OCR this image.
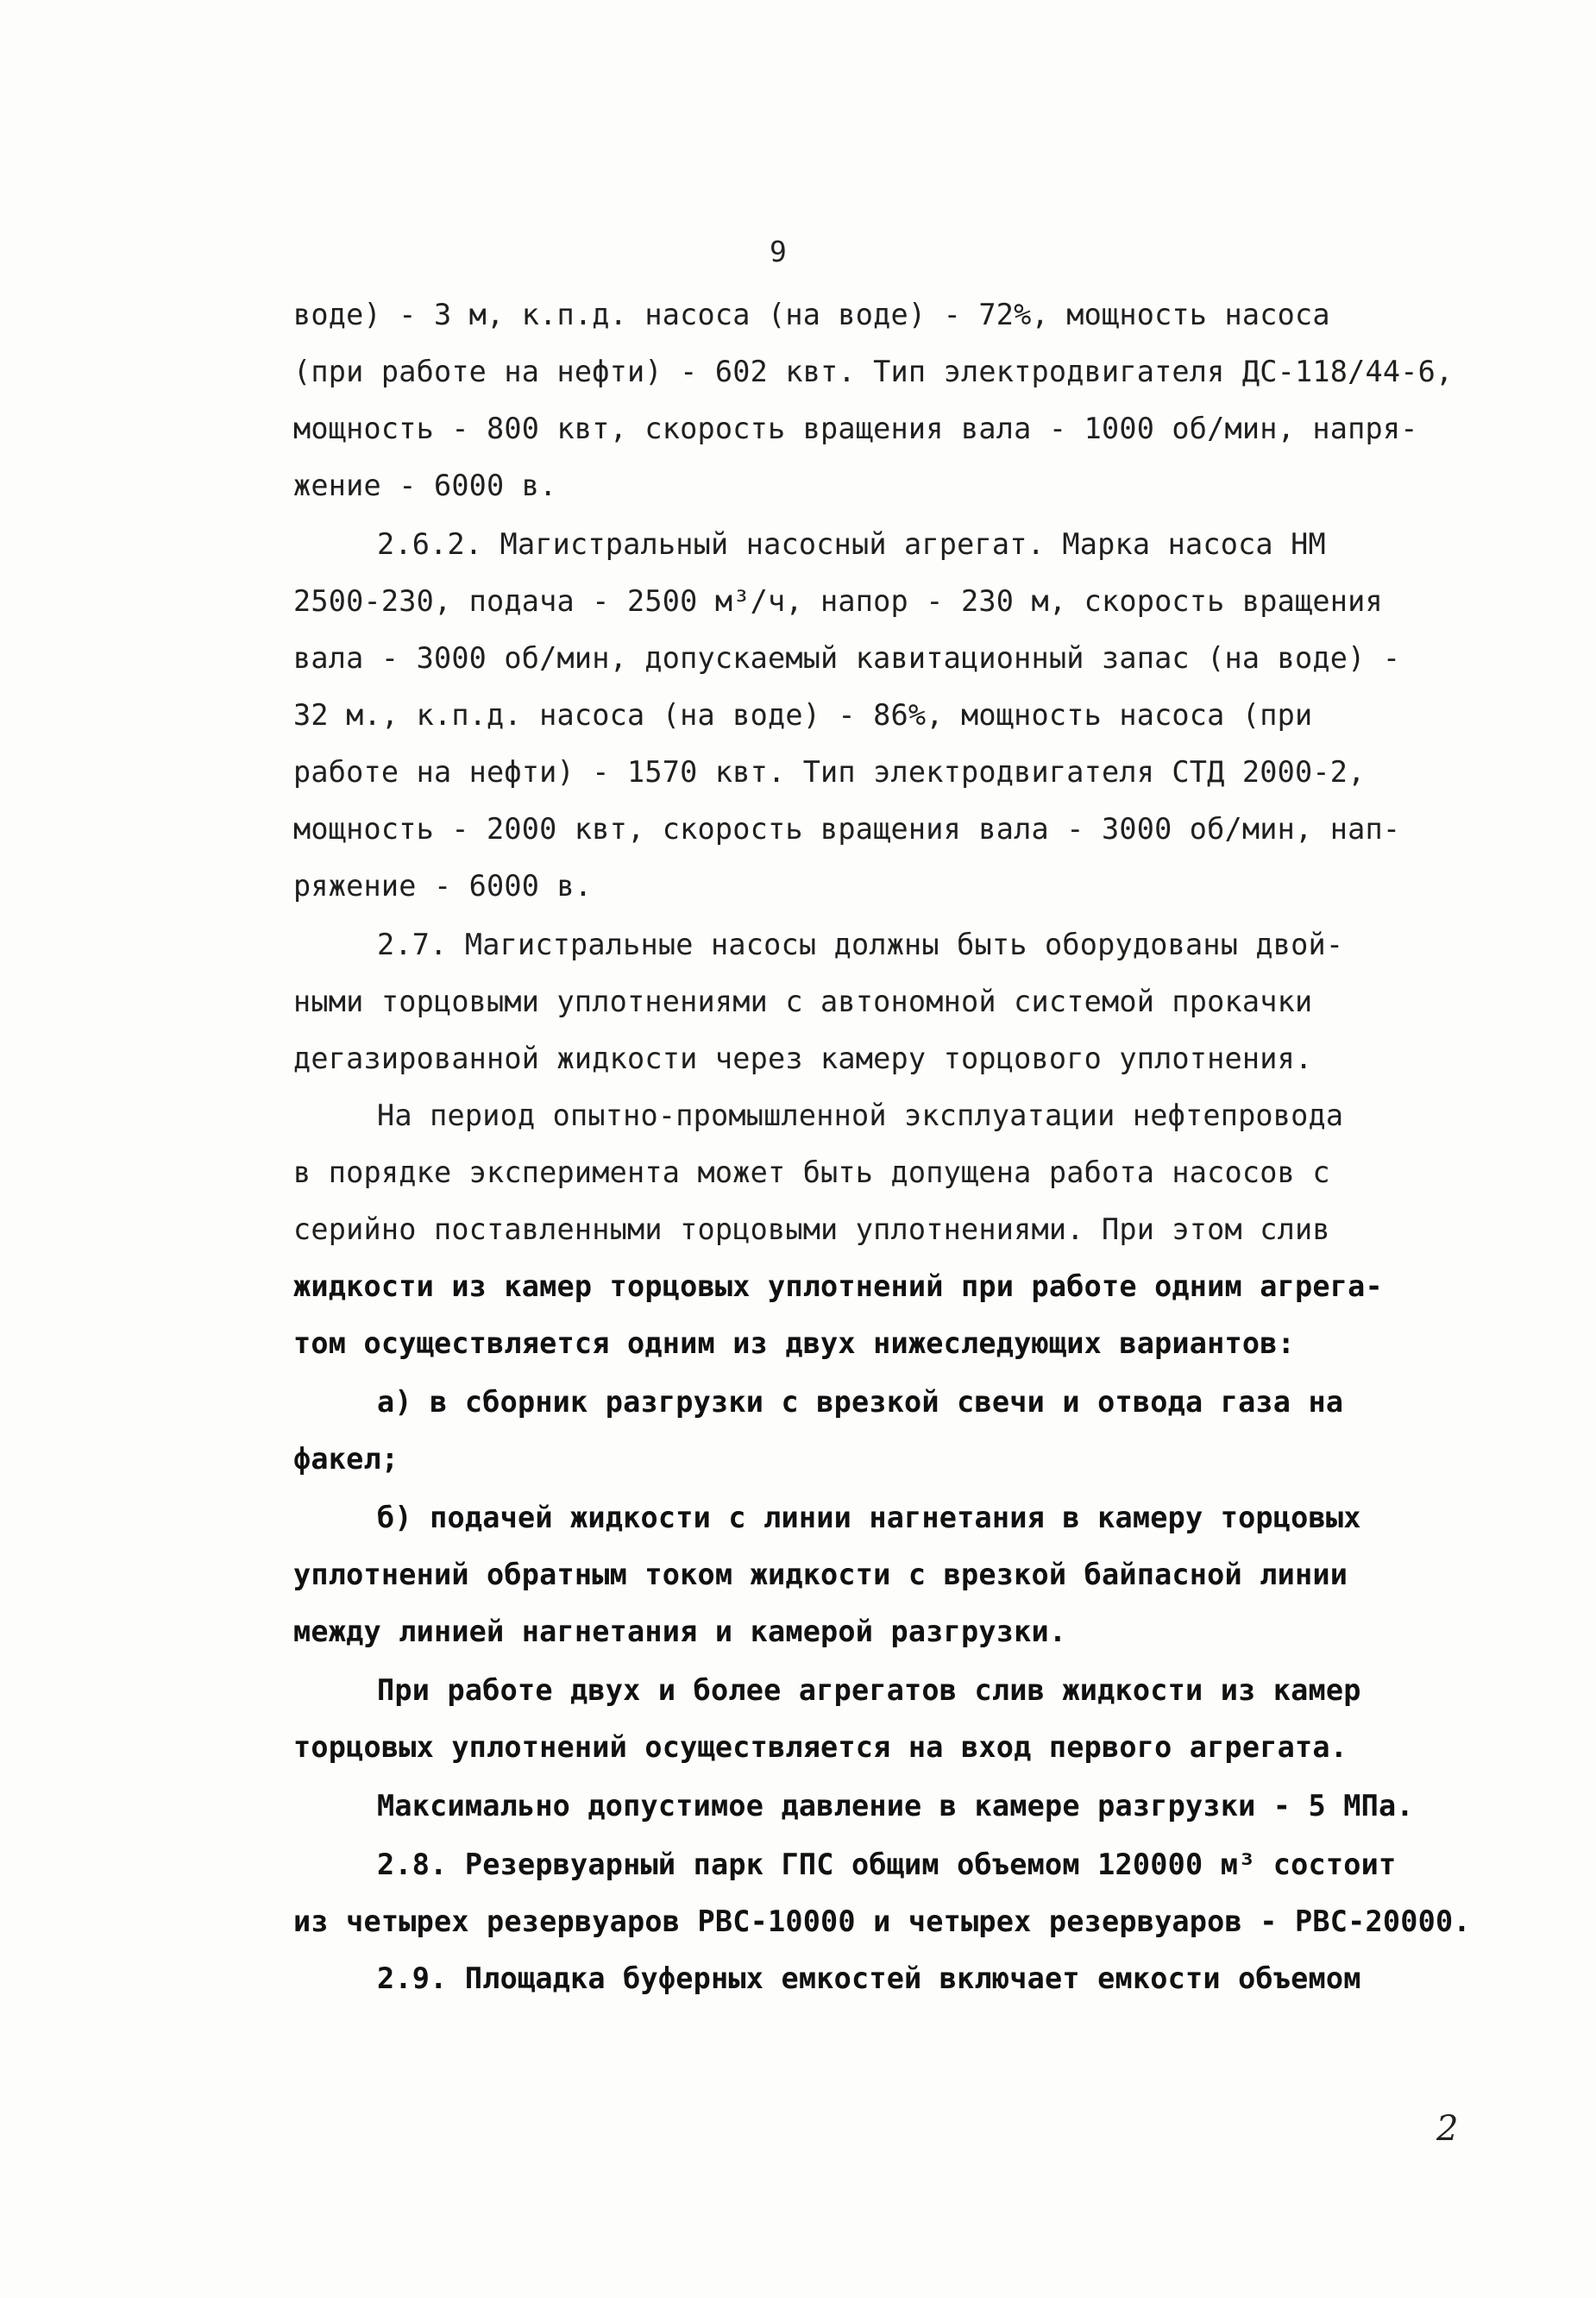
9
воде) - 3 м, к.п.д. насоса (на воде) - 72%, мощность насоса
(при работе на нефти) - 602 квт. Тип электродвигателя ДС-118/44-6,
мощность - 800 квт, скорость вращения вала - 1000 об/мин, напря-
жение - 6000 в.
2.6.2. Магистральный насосный агрегат. Марка насоса НМ
2500-230, подача - 2500 м³/ч, напор - 230 м, скорость вращения
вала - 3000 об/мин, допускаемый кавитационный запас (на воде) -
32 м., к.п.д. насоса (на воде) - 86%, мощность насоса (при
работе на нефти) - 1570 квт. Тип электродвигателя СТД 2000-2,
мощность - 2000 квт, скорость вращения вала - 3000 об/мин, нап-
ряжение - 6000 в.
2.7. Магистральные насосы должны быть оборудованы двой-
ными торцовыми уплотнениями с автономной системой прокачки
дегазированной жидкости через камеру торцового уплотнения.
На период опытно-промышленной эксплуатации нефтепровода
в порядке эксперимента может быть допущена работа насосов с
серийно поставленными торцовыми уплотнениями. При этом слив
жидкости из камер торцовых уплотнений при работе одним агрега-
том осуществляется одним из двух нижеследующих вариантов:
а) в сборник разгрузки с врезкой свечи и отвода газа на
факел;
б) подачей жидкости с линии нагнетания в камеру торцовых
уплотнений обратным током жидкости с врезкой байпасной линии
между линией нагнетания и камерой разгрузки.
При работе двух и более агрегатов слив жидкости из камер
торцовых уплотнений осуществляется на вход первого агрегата.
Максимально допустимое давление в камере разгрузки - 5 МПа.
2.8. Резервуарный парк ГПС общим объемом 120000 м³ состоит
из четырех резервуаров РВС-10000 и четырех резервуаров - РВС-20000.
2.9. Площадка буферных емкостей включает емкости объемом
2
